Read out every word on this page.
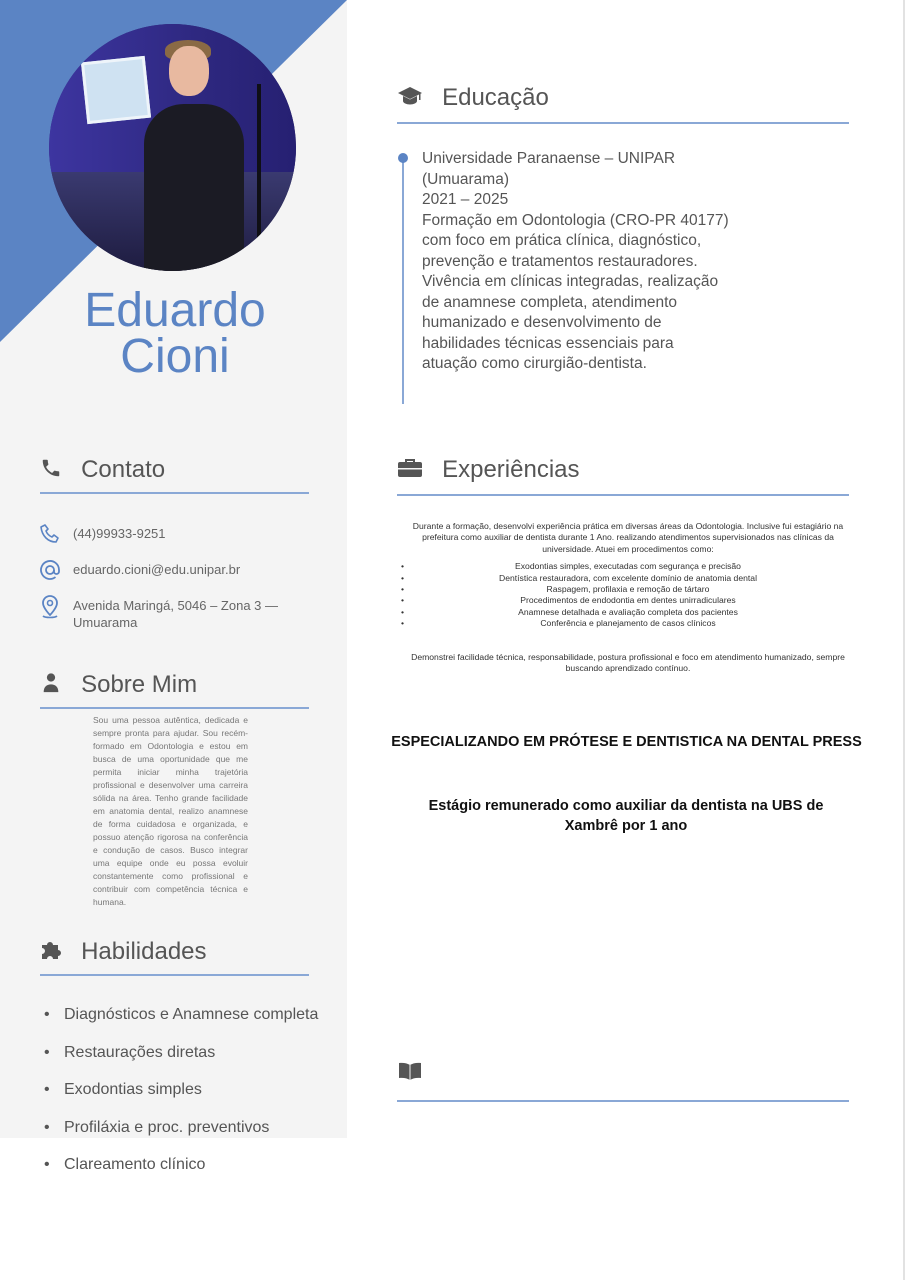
Eduardo
Cioni
Contato
(44)99933-9251
eduardo.cioni@edu.unipar.br
Avenida Maringá, 5046 – Zona 3 — Umuarama
Sobre Mim
Sou uma pessoa autêntica, dedicada e sempre pronta para ajudar. Sou recém-formado em Odontologia e estou em busca de uma oportunidade que me permita iniciar minha trajetória profissional e desenvolver uma carreira sólida na área. Tenho grande facilidade em anatomia dental, realizo anamnese de forma cuidadosa e organizada, e possuo atenção rigorosa na conferência e condução de casos. Busco integrar uma equipe onde eu possa evoluir constantemente como profissional e contribuir com competência técnica e humana.
Habilidades
• Diagnósticos e Anamnese completa
• Restaurações diretas
• Exodontias simples
• Profiláxia e proc. preventivos
• Clareamento clínico
Educação
Universidade Paranaense – UNIPAR (Umuarama)
2021 – 2025
Formação em Odontologia (CRO-PR 40177) com foco em prática clínica, diagnóstico, prevenção e tratamentos restauradores. Vivência em clínicas integradas, realização de anamnese completa, atendimento humanizado e desenvolvimento de habilidades técnicas essenciais para atuação como cirurgião-dentista.
Experiências

Durante a formação, desenvolvi experiência prática em diversas áreas da Odontologia. Inclusive fui estagiário na prefeitura como auxiliar de dentista durante 1 Ano. realizando atendimentos supervisionados nas clínicas da universidade. Atuei em procedimentos como:

• Exodontias simples, executadas com segurança e precisão
• Dentística restauradora, com excelente domínio de anatomia dental
• Raspagem, profilaxia e remoção de tártaro
• Procedimentos de endodontia em dentes unirradiculares
• Anamnese detalhada e avaliação completa dos pacientes
• Conferência e planejamento de casos clínicos

Demonstrei facilidade técnica, responsabilidade, postura profissional e foco em atendimento humanizado, sempre buscando aprendizado contínuo.

ESPECIALIZANDO EM PRÓTESE E DENTISTICA NA DENTAL PRESS
Estágio remunerado como auxiliar da dentista na UBS de Xambrê por 1 ano
